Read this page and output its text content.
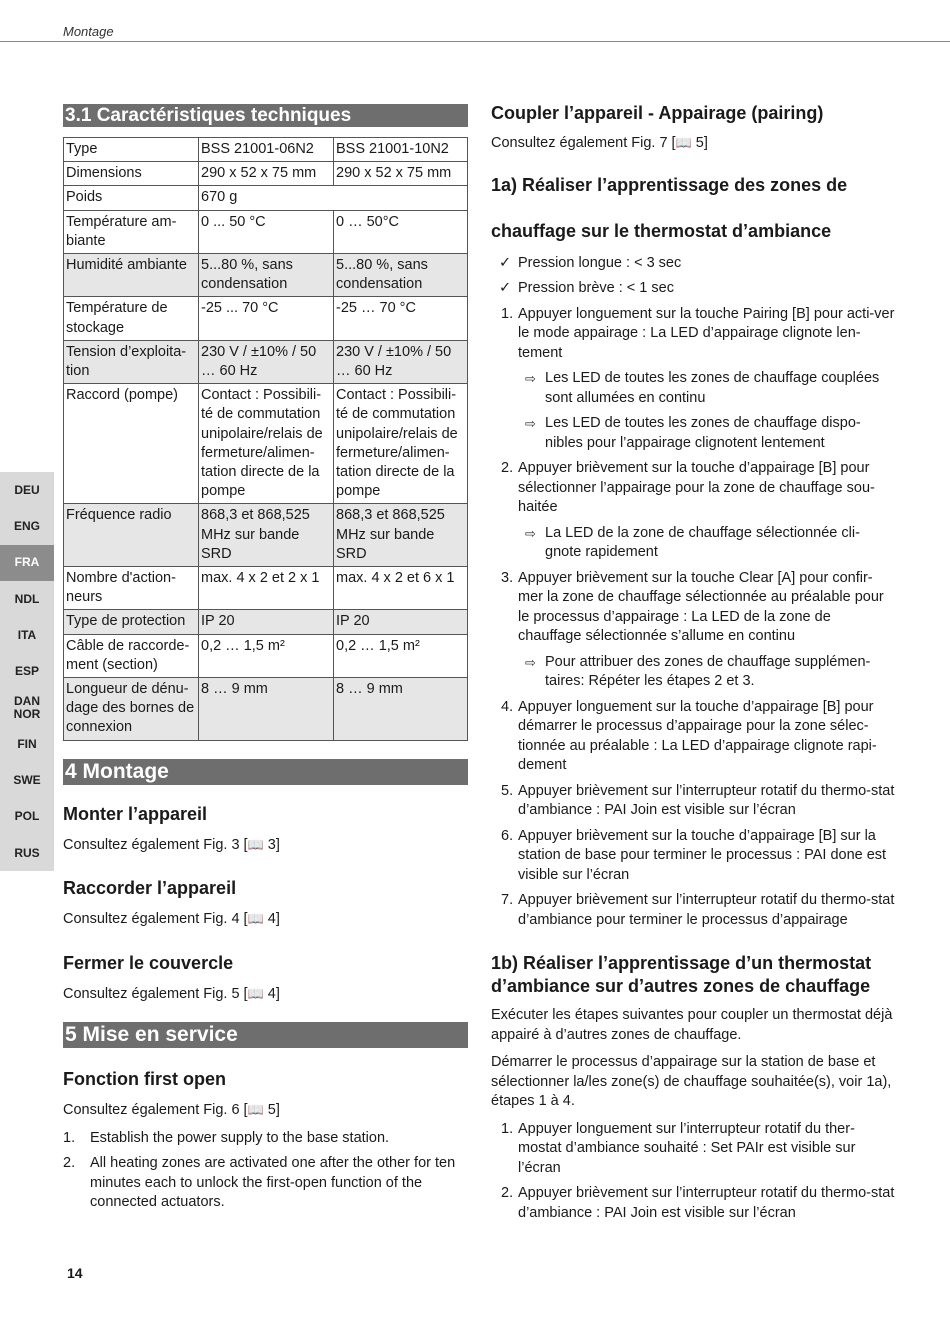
Montage
DEU
ENG
FRA
NDL
ITA
ESP
DAN
NOR
FIN
SWE
POL
RUS
3.1 Caractéristiques techniques
Type	BSS 21001-06N2	BSS 21001-10N2
Dimensions	290 x 52 x 75 mm	290 x 52 x 75 mm
Poids	670 g	
Température am-biante	0 ... 50 °C	0 … 50°C
Humidité ambiante	5...80 %, sans condensation	5...80 %, sans condensation
Température de stockage	-25 ... 70 °C	-25 … 70 °C
Tension d’exploita-tion	230 V / ±10% / 50 … 60 Hz	230 V / ±10% / 50 … 60 Hz
Raccord (pompe)	Contact : Possibili-té de commutation unipolaire/relais de fermeture/alimen-tation directe de la pompe	Contact : Possibili-té de commutation unipolaire/relais de fermeture/alimen-tation directe de la pompe
Fréquence radio	868,3 et 868,525 MHz sur bande SRD	868,3 et 868,525 MHz sur bande SRD
Nombre d'action-neurs	max. 4 x 2 et 2 x 1	max. 4 x 2 et 6 x 1
Type de protection	IP 20	IP 20
Câble de raccorde-ment (section)	0,2 … 1,5 m²	0,2 … 1,5 m²
Longueur de dénu-dage des bornes de connexion	8 … 9 mm	8 … 9 mm
4 Montage
Monter l’appareil

Consultez également Fig. 3 [📖 3]

Raccorder l’appareil

Consultez également Fig. 4 [📖 4]

Fermer le couvercle

Consultez également Fig. 5 [📖 4]

5 Mise en service
Fonction first open

Consultez également Fig. 6 [📖 5]

1. Establish the power supply to the base station.
2. All heating zones are activated one after the other for ten minutes each to unlock the first-open function of the connected actuators.
Coupler l’appareil - Appairage (pairing)

Consultez également Fig. 7 [📖 5]

1a) Réaliser l’apprentissage des zones de
chauffage sur le thermostat d’ambiance
✓ Pression longue : < 3 sec
✓ Pression brève : < 1 sec
1. Appuyer longuement sur la touche Pairing [B] pour acti-ver le mode appairage : La LED d’appairage clignote len-tement
⇨ Les LED de toutes les zones de chauffage couplées sont allumées en continu
⇨ Les LED de toutes les zones de chauffage dispo-nibles pour l’appairage clignotent lentement
2. Appuyer brièvement sur la touche d’appairage [B] pour sélectionner l’appairage pour la zone de chauffage sou-haitée
⇨ La LED de la zone de chauffage sélectionnée cli-gnote rapidement
3. Appuyer brièvement sur la touche Clear [A] pour confir-mer la zone de chauffage sélectionnée au préalable pour le processus d’appairage : La LED de la zone de chauffage sélectionnée s’allume en continu
⇨ Pour attribuer des zones de chauffage supplémen-taires: Répéter les étapes 2 et 3.
4. Appuyer longuement sur la touche d’appairage [B] pour démarrer le processus d’appairage pour la zone sélec-tionnée au préalable : La LED d’appairage clignote rapi-dement
5. Appuyer brièvement sur l’interrupteur rotatif du thermo-stat d’ambiance : PAI Join est visible sur l’écran
6. Appuyer brièvement sur la touche d’appairage [B] sur la station de base pour terminer le processus : PAI done est visible sur l’écran
7. Appuyer brièvement sur l’interrupteur rotatif du thermo-stat d’ambiance pour terminer le processus d’appairage
1b) Réaliser l’apprentissage d’un thermostat d’ambiance sur d’autres zones de chauffage

Exécuter les étapes suivantes pour coupler un thermostat déjà appairé à d’autres zones de chauffage.

Démarrer le processus d’appairage sur la station de base et sélectionner la/les zone(s) de chauffage souhaitée(s), voir 1a), étapes 1 à 4.

1. Appuyer longuement sur l’interrupteur rotatif du ther-mostat d’ambiance souhaité : Set PAIr est visible sur l’écran
2. Appuyer brièvement sur l’interrupteur rotatif du thermo-stat d’ambiance : PAI Join est visible sur l’écran
14
